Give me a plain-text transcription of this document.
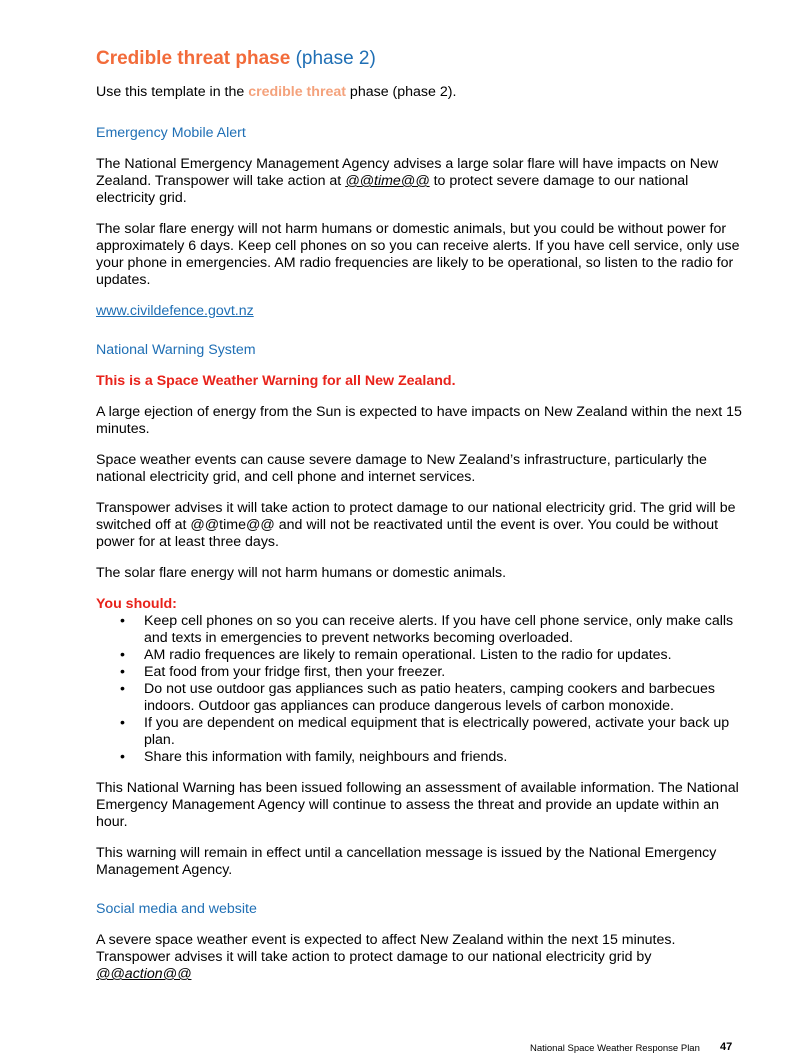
Credible threat phase (phase 2)

Use this template in the credible threat phase (phase 2).

Emergency Mobile Alert

The National Emergency Management Agency advises a large solar flare will have impacts on New Zealand. Transpower will take action at @@time@@ to protect severe damage to our national electricity grid.

The solar flare energy will not harm humans or domestic animals, but you could be without power for approximately 6 days. Keep cell phones on so you can receive alerts. If you have cell service, only use your phone in emergencies. AM radio frequencies are likely to be operational, so listen to the radio for updates.

www.civildefence.govt.nz

National Warning System

This is a Space Weather Warning for all New Zealand.

A large ejection of energy from the Sun is expected to have impacts on New Zealand within the next 15 minutes.

Space weather events can cause severe damage to New Zealand’s infrastructure, particularly the national electricity grid, and cell phone and internet services.

Transpower advises it will take action to protect damage to our national electricity grid. The grid will be switched off at @@time@@ and will not be reactivated until the event is over. You could be without power for at least three days.

The solar flare energy will not harm humans or domestic animals.

You should:
• Keep cell phones on so you can receive alerts. If you have cell phone service, only make calls and texts in emergencies to prevent networks becoming overloaded.
• AM radio frequences are likely to remain operational. Listen to the radio for updates.
• Eat food from your fridge first, then your freezer.
• Do not use outdoor gas appliances such as patio heaters, camping cookers and barbecues indoors. Outdoor gas appliances can produce dangerous levels of carbon monoxide.
• If you are dependent on medical equipment that is electrically powered, activate your back up plan.
• Share this information with family, neighbours and friends.

This National Warning has been issued following an assessment of available information. The National Emergency Management Agency will continue to assess the threat and provide an update within an hour.

This warning will remain in effect until a cancellation message is issued by the National Emergency Management Agency.

Social media and website

A severe space weather event is expected to affect New Zealand within the next 15 minutes. Transpower advises it will take action to protect damage to our national electricity grid by @@action@@

National Space Weather Response Plan 47
